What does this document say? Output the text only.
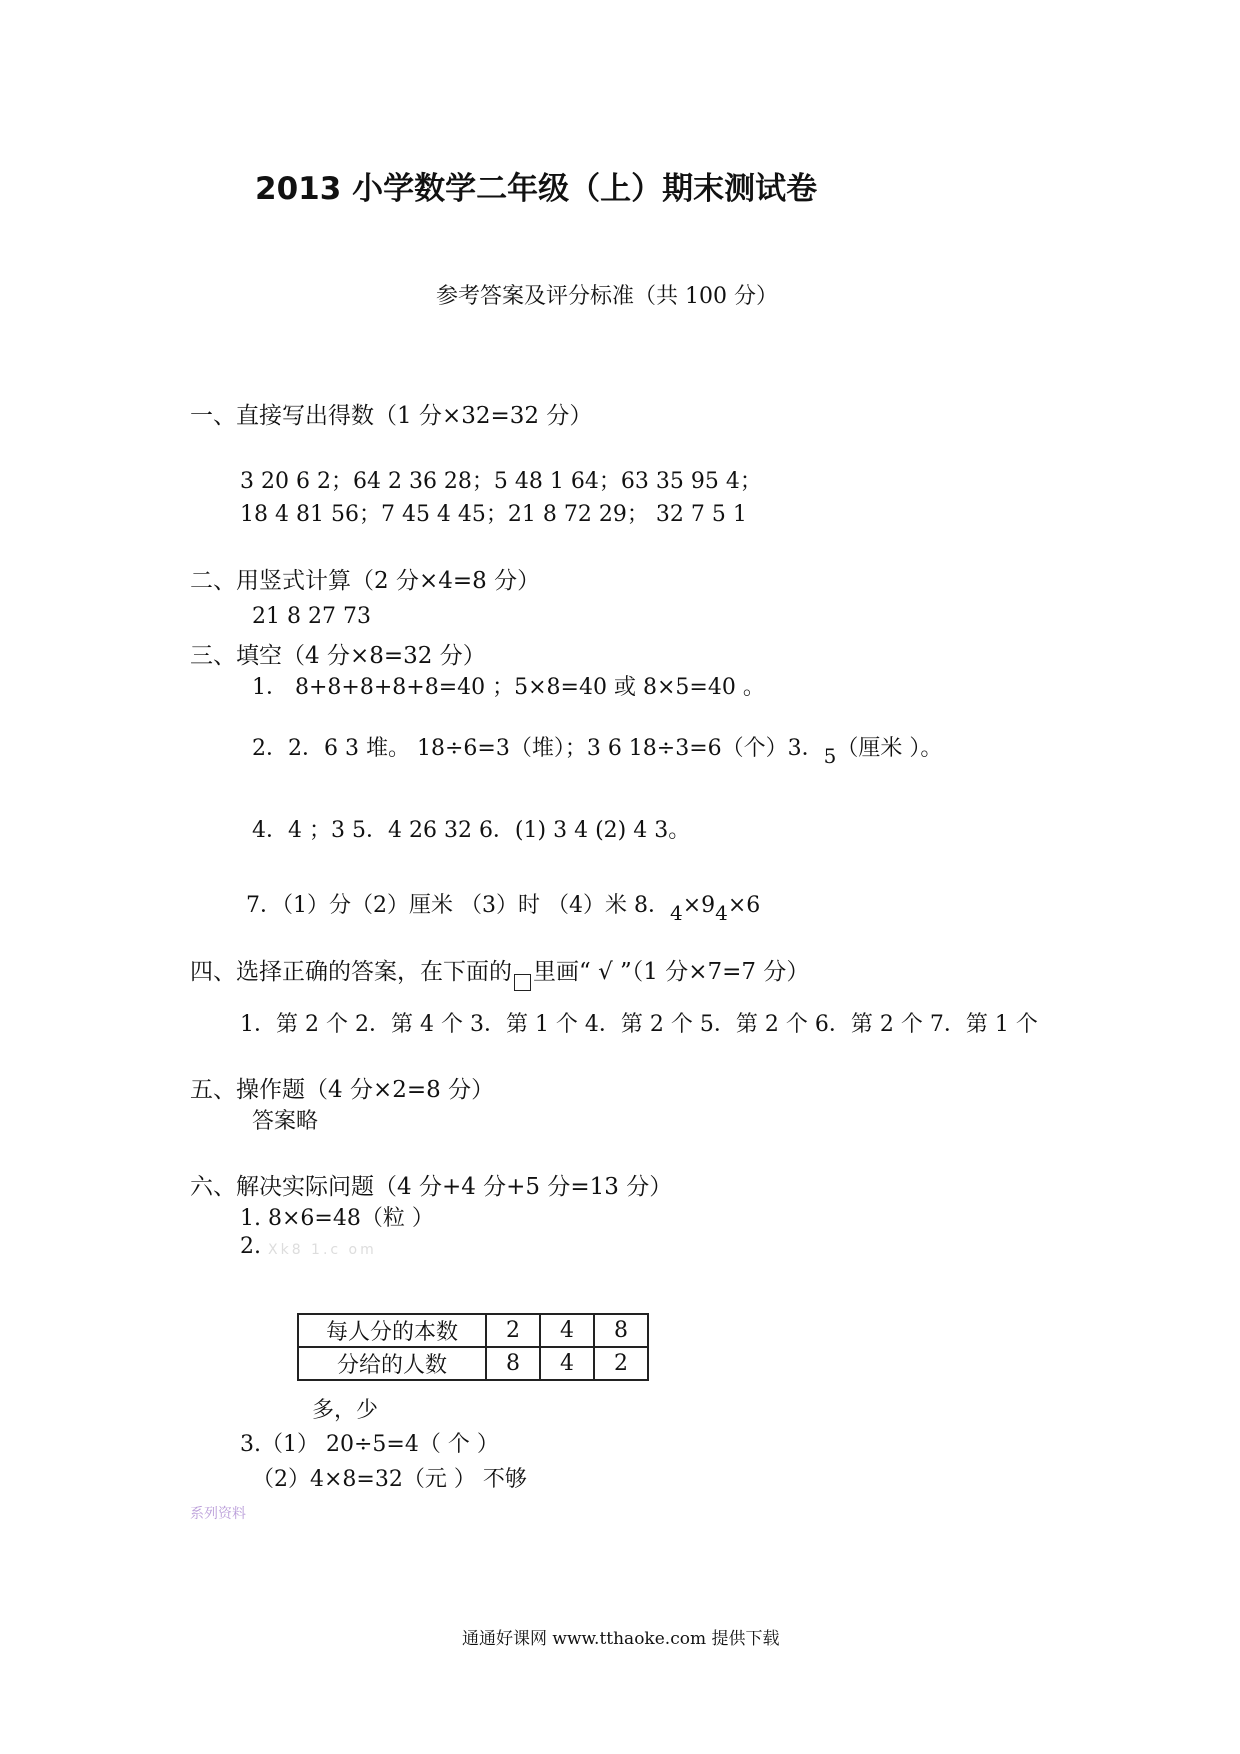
2013 小学数学二年级（上）期末测试卷
参考答案及评分标准（共 100 分）
一、直接写出得数（1 分×32=32 分）
3 20 6 2；64 2 36 28；5 48 1 64；63 35 95 4；
18 4 81 56；7 45 4 45；21 8 72 29； 32 7 5 1
二、用竖式计算（2 分×4=8 分）
21 8 27 73
三、填空（4 分×8=32 分）
1． 8+8+8+8+8=40 ；5×8=40 或 8×5=40 。
2．2．6 3 堆。 18÷6=3（堆）；3 6 18÷3=6（个）3．5（厘米 ）。
4．4 ；3 5．4 26 32 6．(1) 3 4 (2) 4 3。
7．（1）分（2）厘米 （3）时 （4）米 8．4×94×6
四、选择正确的答案，在下面的 里画“ √ ”（1 分×7=7 分）
1．第 2 个 2．第 4 个 3．第 1 个 4．第 2 个 5．第 2 个 6．第 2 个 7．第 1 个
五、操作题（4 分×2=8 分）
答案略
六、解决实际问题（4 分+4 分+5 分=13 分）
1. 8×6=48（粒 ）
2. Xk8 1.c om
每人分的本数	2	4	8
分给的人数	8	4	2
多，少
3.（1） 20÷5=4（ 个 ）
（2）4×8=32（元 ） 不够
系列资料
通通好课网 www.tthaoke.com 提供下载
